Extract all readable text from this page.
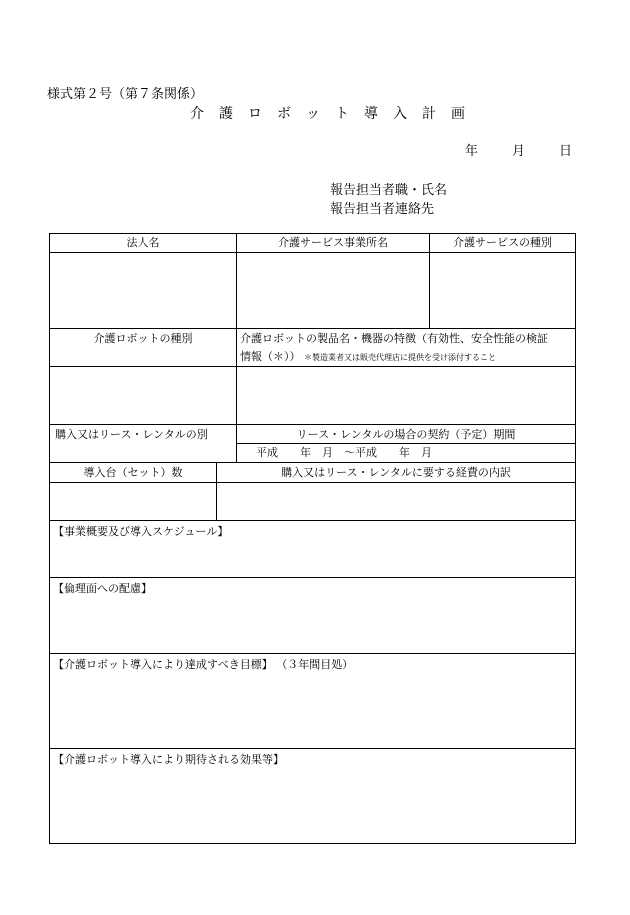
様式第２号（第７条関係）
介護ロボット導入計画
年	月	日
報告担当者職・氏名
報告担当者連絡先
法人名	介護サービス事業所名	介護サービスの種別
介護ロボットの種別	介護ロボットの製品名・機器の特徴（有効性、安全性能の検証
情報（＊）） ＊製造業者又は販売代理店に提供を受け添付すること
購入又はリース・レンタルの別	リース・レンタルの場合の契約（予定）期間
平成　　年　月　～平成　　年　月
導入台（セット）数	購入又はリース・レンタルに要する経費の内訳
【事業概要及び導入スケジュール】
【倫理面への配慮】
【介護ロボット導入により達成すべき目標】 （３年間目処）
【介護ロボット導入により期待される効果等】
